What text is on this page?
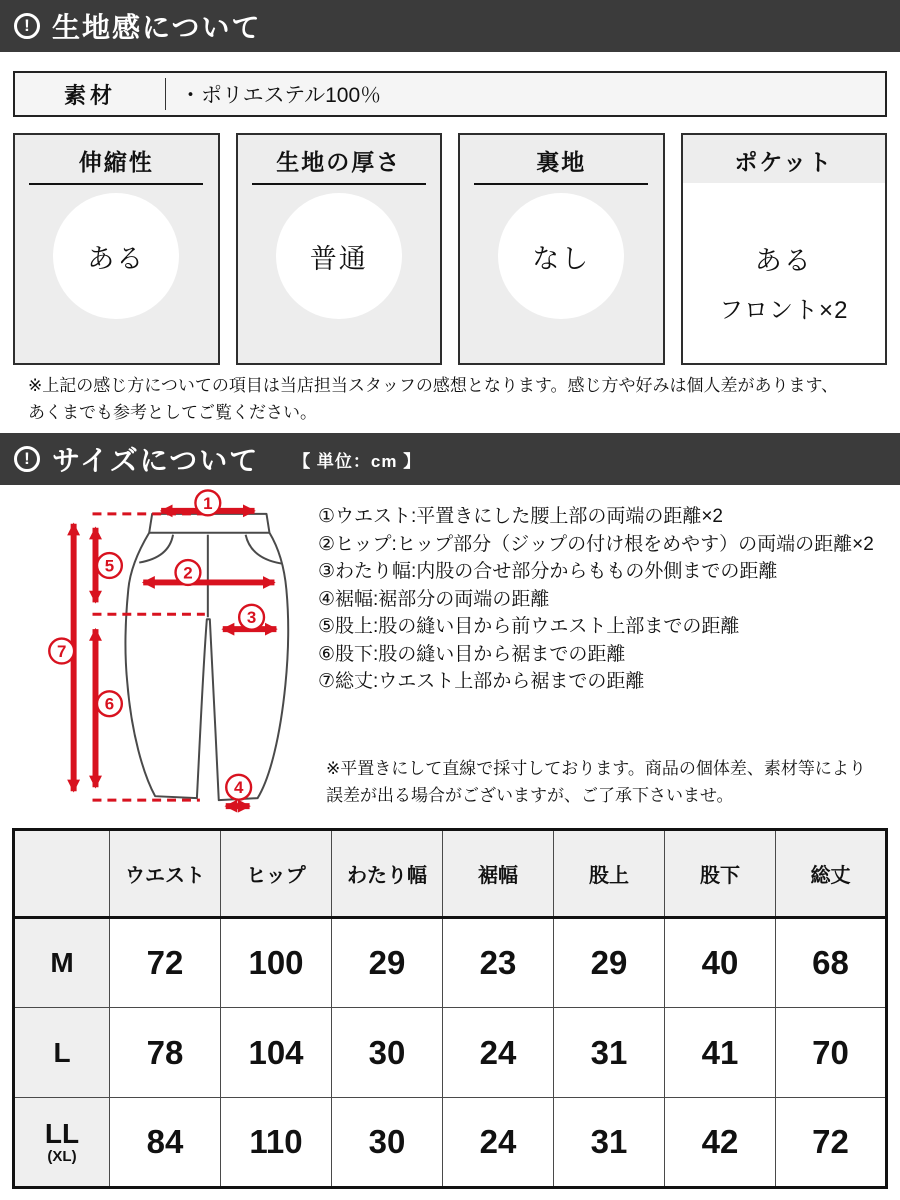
! 生地感について
素材	・ポリエステル100％
伸縮性
ある
生地の厚さ
普通
裏地
なし
ポケット
ある
フロント×2
※上記の感じ方についての項目は当店担当スタッフの感想となります。感じ方や好みは個人差があります、
あくまでも参考としてご覧ください。
! サイズについて 【 単位：cm 】
1
2
3
4
5
6
7
①ウエスト:平置きにした腰上部の両端の距離×2
②ヒップ:ヒップ部分（ジップの付け根をめやす）の両端の距離×2
③わたり幅:内股の合せ部分からももの外側までの距離
④裾幅:裾部分の両端の距離
⑤股上:股の縫い目から前ウエスト上部までの距離
⑥股下:股の縫い目から裾までの距離
⑦総丈:ウエスト上部から裾までの距離
※平置きにして直線で採寸しております。商品の個体差、素材等により
誤差が出る場合がございますが、ご了承下さいませ。
	ウエスト	ヒップ	わたり幅	裾幅	股上	股下	総丈
M	72	100	29	23	29	40	68
L	78	104	30	24	31	41	70
LL
(XL)	84	110	30	24	31	42	72
